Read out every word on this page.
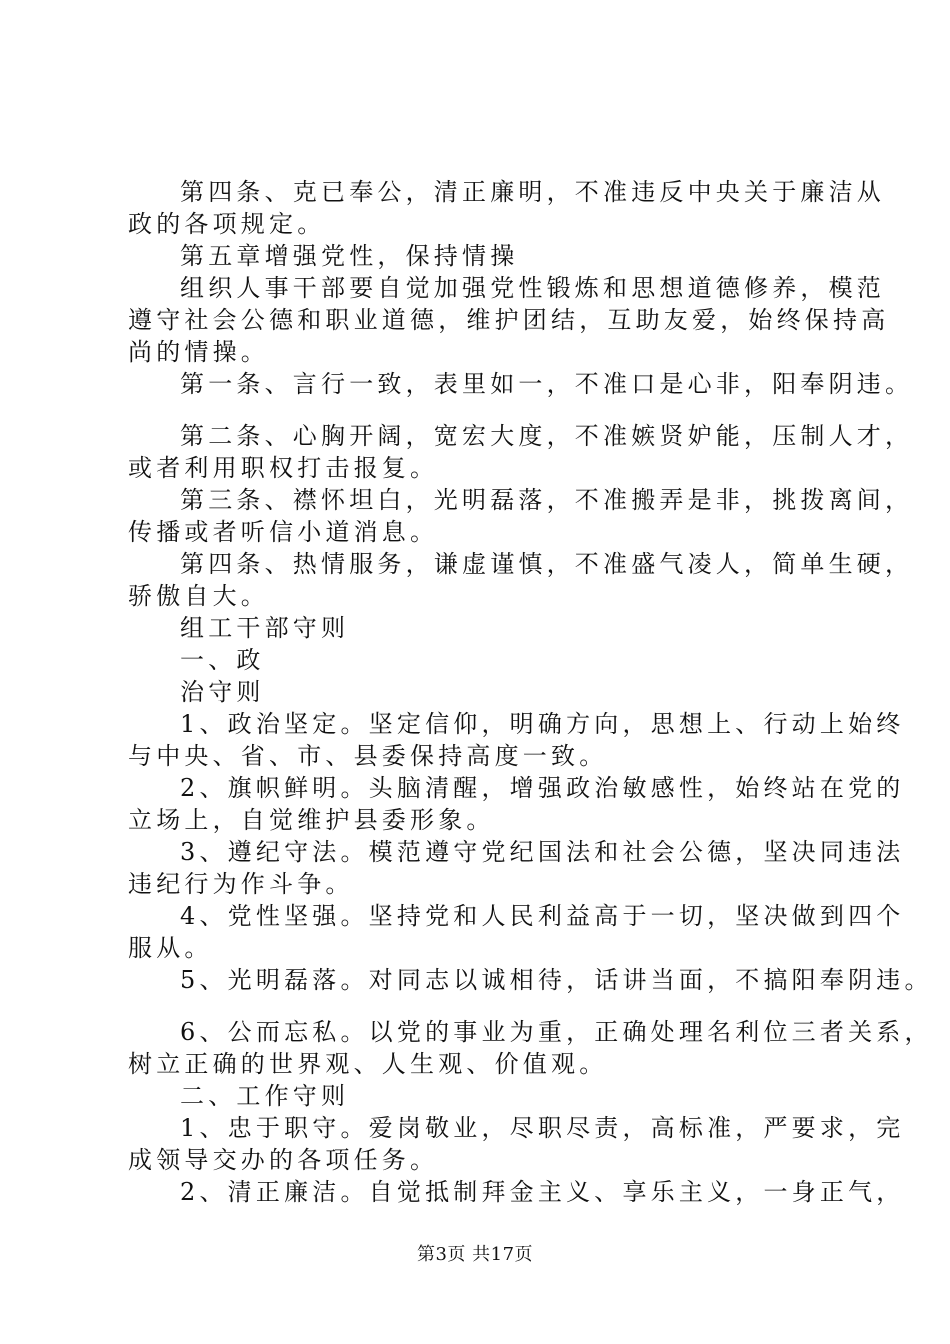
第四条、克已奉公，清正廉明，不准违反中央关于廉洁从
政的各项规定。
第五章增强党性，保持情操
组织人事干部要自觉加强党性锻炼和思想道德修养，模范
遵守社会公德和职业道德，维护团结，互助友爱，始终保持高
尚的情操。
第一条、言行一致，表里如一，不准口是心非，阳奉阴违。
第二条、心胸开阔，宽宏大度，不准嫉贤妒能，压制人才，
或者利用职权打击报复。
第三条、襟怀坦白，光明磊落，不准搬弄是非，挑拨离间，
传播或者听信小道消息。
第四条、热情服务，谦虚谨慎，不准盛气凌人，简单生硬，
骄傲自大。
组工干部守则
一、政
治守则
1、政治坚定。坚定信仰，明确方向，思想上、行动上始终
与中央、省、市、县委保持高度一致。
2、旗帜鲜明。头脑清醒，增强政治敏感性，始终站在党的
立场上，自觉维护县委形象。
3、遵纪守法。模范遵守党纪国法和社会公德，坚决同违法
违纪行为作斗争。
4、党性坚强。坚持党和人民利益高于一切，坚决做到四个
服从。
5、光明磊落。对同志以诚相待，话讲当面，不搞阳奉阴违。
6、公而忘私。以党的事业为重，正确处理名利位三者关系，
树立正确的世界观、人生观、价值观。
二、工作守则
1、忠于职守。爱岗敬业，尽职尽责，高标准，严要求，完
成领导交办的各项任务。
2、清正廉洁。自觉抵制拜金主义、享乐主义，一身正气，
第3页 共17页
